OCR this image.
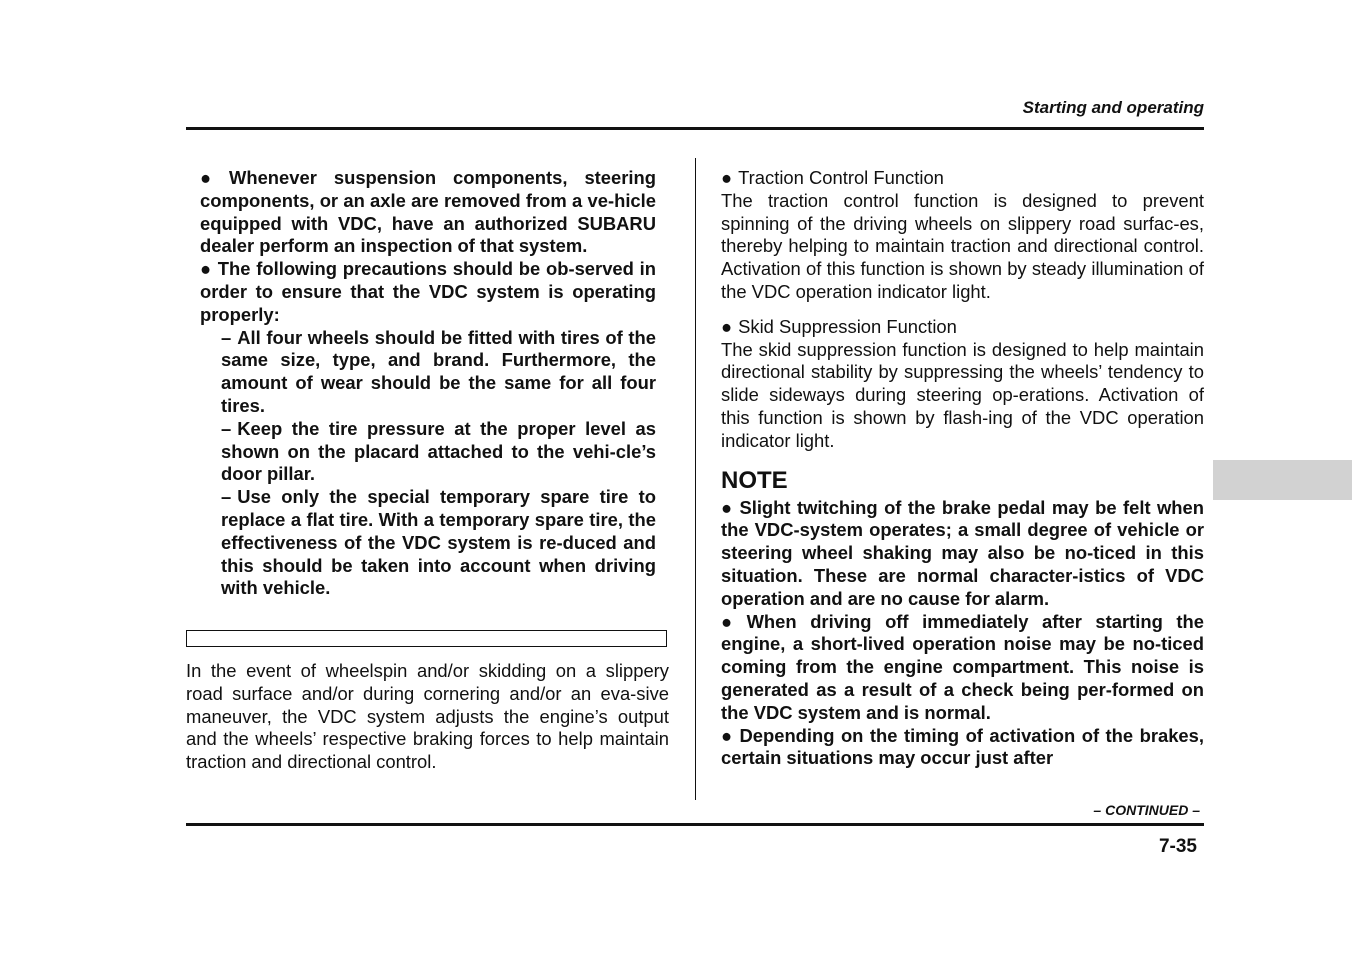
Starting and operating

● Whenever suspension components, steering components, or an axle are removed from a ve-hicle equipped with VDC, have an authorized SUBARU dealer perform an inspection of that system.

● The following precautions should be ob-served in order to ensure that the VDC system is operating properly:

– All four wheels should be fitted with tires of the same size, type, and brand. Furthermore, the amount of wear should be the same for all four tires.

– Keep the tire pressure at the proper level as shown on the placard attached to the vehi-cle’s door pillar.

– Use only the special temporary spare tire to replace a flat tire. With a temporary spare tire, the effectiveness of the VDC system is re-duced and this should be taken into account when driving with vehicle.

In the event of wheelspin and/or skidding on a slippery road surface and/or during cornering and/or an eva-sive maneuver, the VDC system adjusts the engine’s output and the wheels’ respective braking forces to help maintain traction and directional control.

● Traction Control Function

The traction control function is designed to prevent spinning of the driving wheels on slippery road surfac-es, thereby helping to maintain traction and directional control. Activation of this function is shown by steady illumination of the VDC operation indicator light.

● Skid Suppression Function

The skid suppression function is designed to help maintain directional stability by suppressing the wheels’ tendency to slide sideways during steering op-erations. Activation of this function is shown by flash-ing of the VDC operation indicator light.

NOTE

● Slight twitching of the brake pedal may be felt when the VDC-system operates; a small degree of vehicle or steering wheel shaking may also be no-ticed in this situation. These are normal character-istics of VDC operation and are no cause for alarm.

● When driving off immediately after starting the engine, a short-lived operation noise may be no-ticed coming from the engine compartment. This noise is generated as a result of a check being per-formed on the VDC system and is normal.

● Depending on the timing of activation of the brakes, certain situations may occur just after

– CONTINUED –
7-35
